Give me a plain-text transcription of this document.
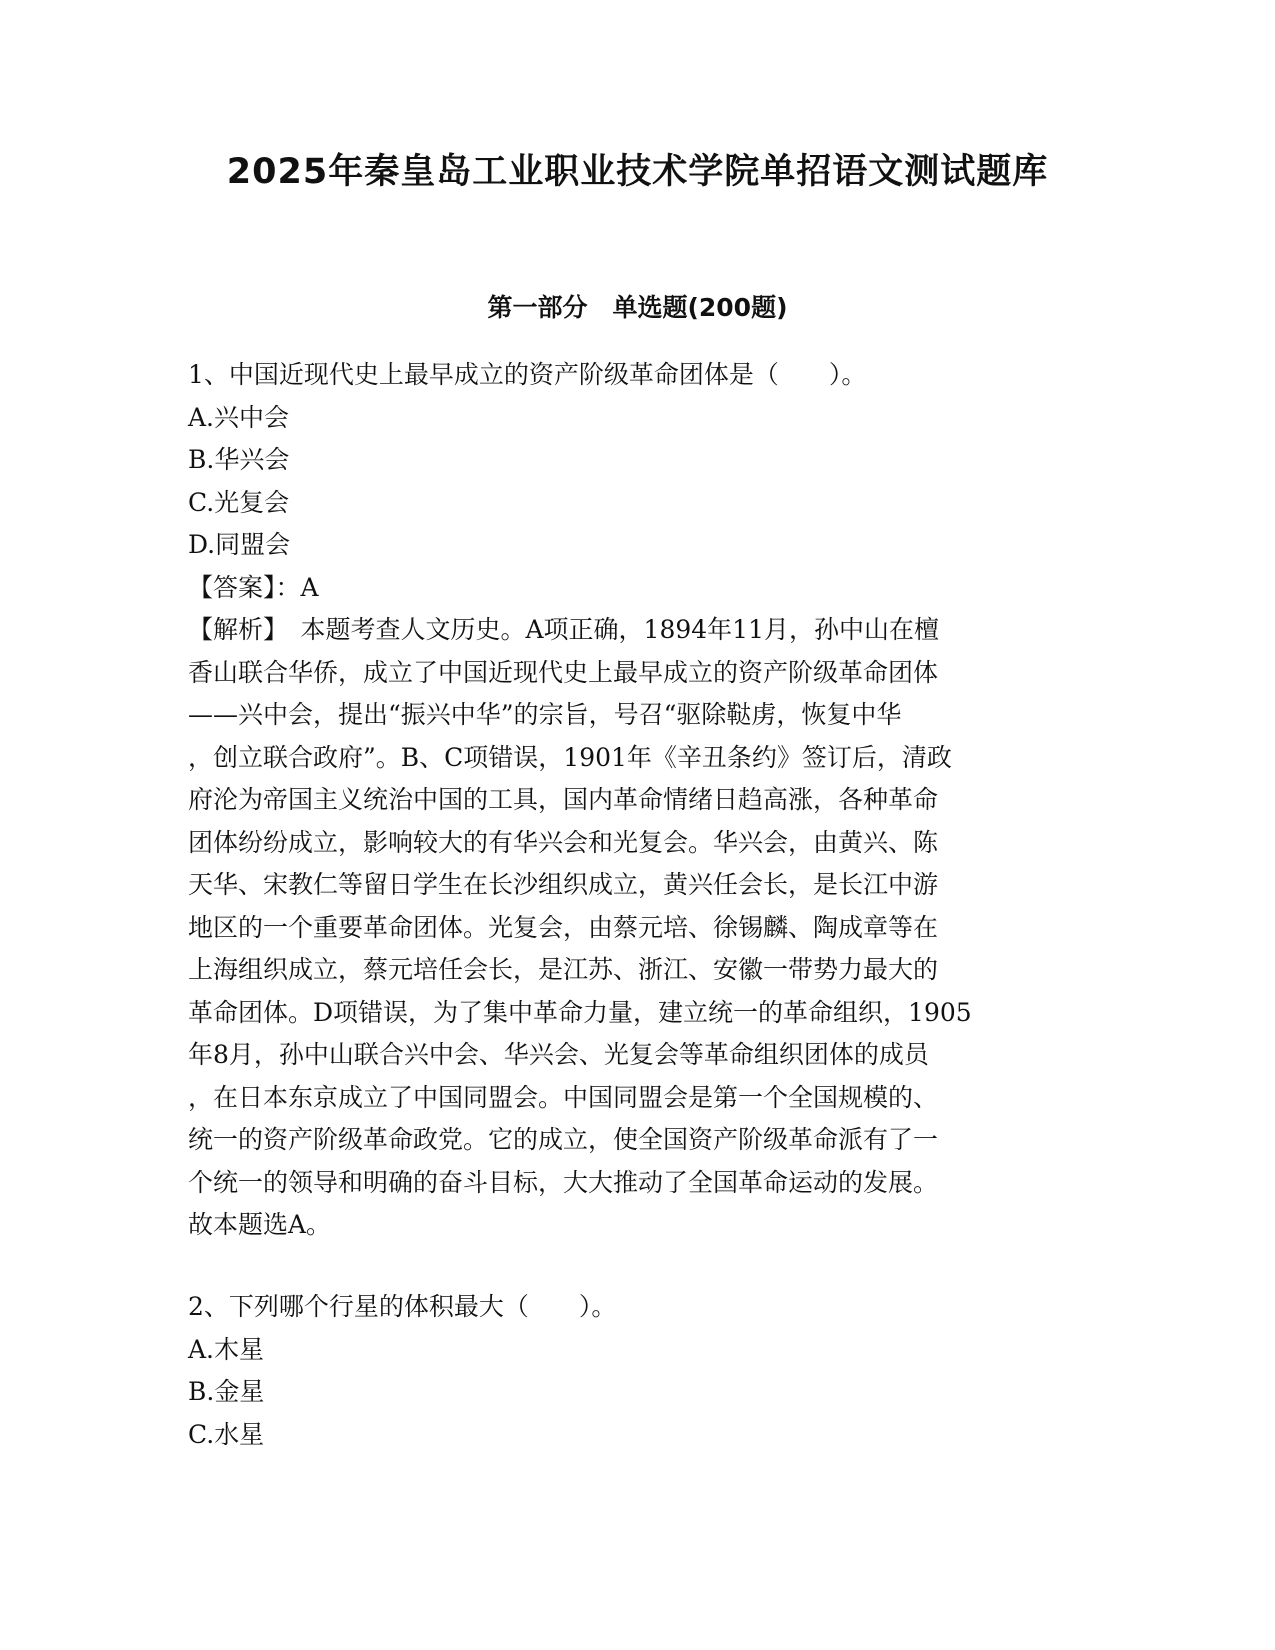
2025年秦皇岛工业职业技术学院单招语文测试题库
第一部分　单选题(200题)
1、中国近现代史上最早成立的资产阶级革命团体是（　　）。
A.兴中会
B.华兴会
C.光复会
D.同盟会
【答案】：A
【解析】　本题考查人文历史。A项正确，1894年11月，孙中山在檀
香山联合华侨，成立了中国近现代史上最早成立的资产阶级革命团体
——兴中会，提出“振兴中华”的宗旨，号召“驱除鞑虏，恢复中华
，创立联合政府”。B、C项错误，1901年《辛丑条约》签订后，清政
府沦为帝国主义统治中国的工具，国内革命情绪日趋高涨，各种革命
团体纷纷成立，影响较大的有华兴会和光复会。华兴会，由黄兴、陈
天华、宋教仁等留日学生在长沙组织成立，黄兴任会长，是长江中游
地区的一个重要革命团体。光复会，由蔡元培、徐锡麟、陶成章等在
上海组织成立，蔡元培任会长，是江苏、浙江、安徽一带势力最大的
革命团体。D项错误，为了集中革命力量，建立统一的革命组织，1905
年8月，孙中山联合兴中会、华兴会、光复会等革命组织团体的成员
，在日本东京成立了中国同盟会。中国同盟会是第一个全国规模的、
统一的资产阶级革命政党。它的成立，使全国资产阶级革命派有了一
个统一的领导和明确的奋斗目标，大大推动了全国革命运动的发展。
故本题选A。
2、下列哪个行星的体积最大（　　）。
A.木星
B.金星
C.水星
